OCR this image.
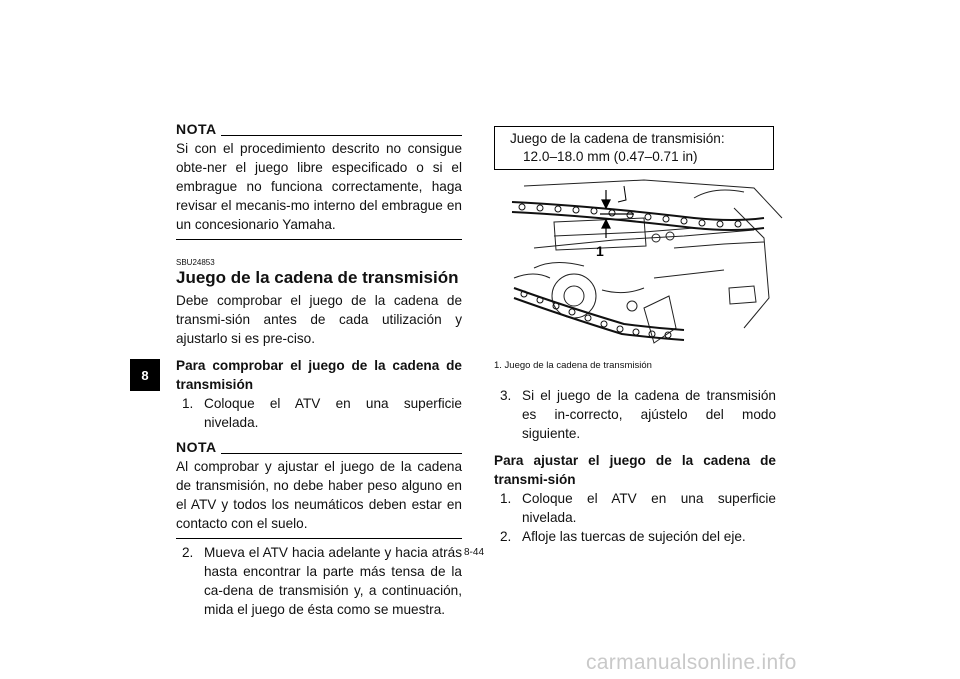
8
NOTA
Si con el procedimiento descrito no consigue obte-ner el juego libre especificado o si el embrague no funciona correctamente, haga revisar el mecanis-mo interno del embrague en un concesionario Yamaha.
SBU24853
Juego de la cadena de transmisión
Debe comprobar el juego de la cadena de transmi-sión antes de cada utilización y ajustarlo si es pre-ciso.
Para comprobar el juego de la cadena de transmisión
1. Coloque el ATV en una superficie nivelada.
NOTA
Al comprobar y ajustar el juego de la cadena de transmisión, no debe haber peso alguno en el ATV y todos los neumáticos deben estar en contacto con el suelo.
2. Mueva el ATV hacia adelante y hacia atrás hasta encontrar la parte más tensa de la ca-dena de transmisión y, a continuación, mida el juego de ésta como se muestra.
Juego de la cadena de transmisión:
12.0–18.0 mm (0.47–0.71 in)
1
1. Juego de la cadena de transmisión
3. Si el juego de la cadena de transmisión es in-correcto, ajústelo del modo siguiente.
Para ajustar el juego de la cadena de transmi-sión
1. Coloque el ATV en una superficie nivelada.
2. Afloje las tuercas de sujeción del eje.
8-44
carmanualsonline.info
